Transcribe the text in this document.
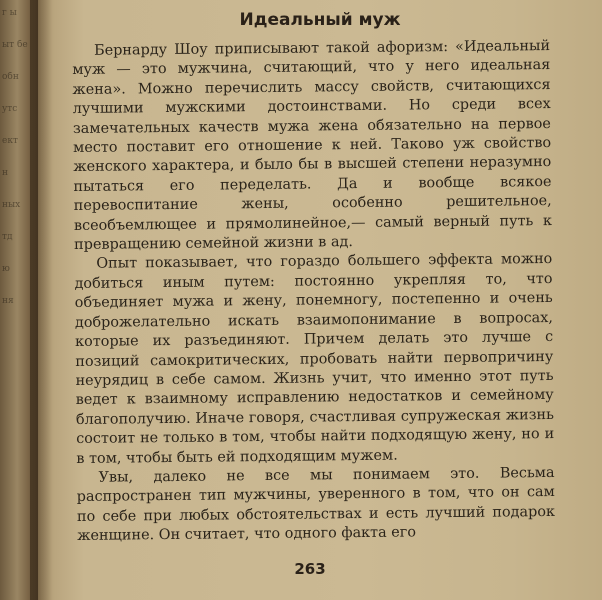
г ы
ыт бе
обн
утс
ект
н
ных
тд
ю
ня
Идеальный муж

Бернарду Шоу приписывают такой афоризм: «Идеальный муж — это мужчина, считающий, что у него идеальная жена». Можно перечислить массу свойств, считающихся лучшими мужскими достоинствами. Но среди всех замечательных качеств мужа жена обязательно на первое место поставит его отношение к ней. Таково уж свойство женского характера, и было бы в высшей степени неразумно пытаться его переделать. Да и вообще всякое перевоспитание жены, особенно решительное, всеобъемлющее и прямолинейное,— самый верный путь к превращению семейной жизни в ад.

Опыт показывает, что гораздо большего эффекта можно добиться иным путем: постоянно укрепляя то, что объединяет мужа и жену, понемногу, постепенно и очень доброжелательно искать взаимопонимание в вопросах, которые их разъединяют. Причем делать это лучше с позиций самокритических, пробовать найти первопричину неурядиц в себе самом. Жизнь учит, что именно этот путь ведет к взаимному исправлению недостатков и семейному благополучию. Иначе говоря, счастливая супружеская жизнь состоит не только в том, чтобы найти подходящую жену, но и в том, чтобы быть ей подходящим мужем.

Увы, далеко не все мы понимаем это. Весьма распространен тип мужчины, уверенного в том, что он сам по себе при любых обстоятельствах и есть лучший подарок женщине. Он считает, что одного факта его

263
